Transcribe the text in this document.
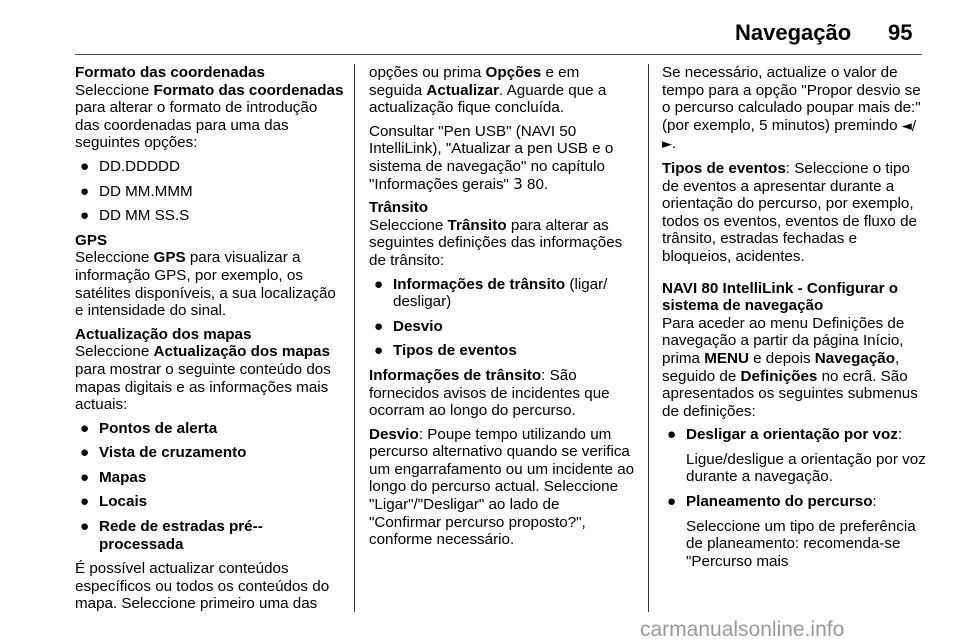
Navegação 95

Formato das coordenadas

Seleccione Formato das coordenadas para alterar o formato de introdução das coordenadas para uma das seguintes opções:

● DD.DDDDD
● DD MM.MMM
● DD MM SS.S

GPS

Seleccione GPS para visualizar a informação GPS, por exemplo, os satélites disponíveis, a sua localização e intensidade do sinal.

Actualização dos mapas

Seleccione Actualização dos mapas para mostrar o seguinte conteúdo dos mapas digitais e as informações mais actuais:

● Pontos de alerta
● Vista de cruzamento
● Mapas
● Locais
● Rede de estradas pré--processada

É possível actualizar conteúdos específicos ou todos os conteúdos do mapa. Seleccione primeiro uma das

opções ou prima Opções e em seguida Actualizar. Aguarde que a actualização fique concluída.

Consultar "Pen USB" (NAVI 50 IntelliLink), "Atualizar a pen USB e o sistema de navegação" no capítulo "Informações gerais" 3 80.

Trânsito

Seleccione Trânsito para alterar as seguintes definições das informações de trânsito:

● Informações de trânsito (ligar/ desligar)
● Desvio
● Tipos de eventos

Informações de trânsito: São fornecidos avisos de incidentes que ocorram ao longo do percurso.

Desvio: Poupe tempo utilizando um percurso alternativo quando se verifica um engarrafamento ou um incidente ao longo do percurso actual. Seleccione "Ligar"/"Desligar" ao lado de "Confirmar percurso proposto?", conforme necessário.

Se necessário, actualize o valor de tempo para a opção "Propor desvio se o percurso calculado poupar mais de:" (por exemplo, 5 minutos) premindo ◄/►.

Tipos de eventos: Seleccione o tipo de eventos a apresentar durante a orientação do percurso, por exemplo, todos os eventos, eventos de fluxo de trânsito, estradas fechadas e bloqueios, acidentes.

NAVI 80 IntelliLink - Configurar o sistema de navegação

Para aceder ao menu Definições de navegação a partir da página Início, prima MENU e depois Navegação, seguido de Definições no ecrã. São apresentados os seguintes submenus de definições:

● Desligar a orientação por voz:
Ligue/desligue a orientação por voz durante a navegação.
● Planeamento do percurso:
Seleccione um tipo de preferência de planeamento: recomenda-se "Percurso mais
carmanualsonline.info
